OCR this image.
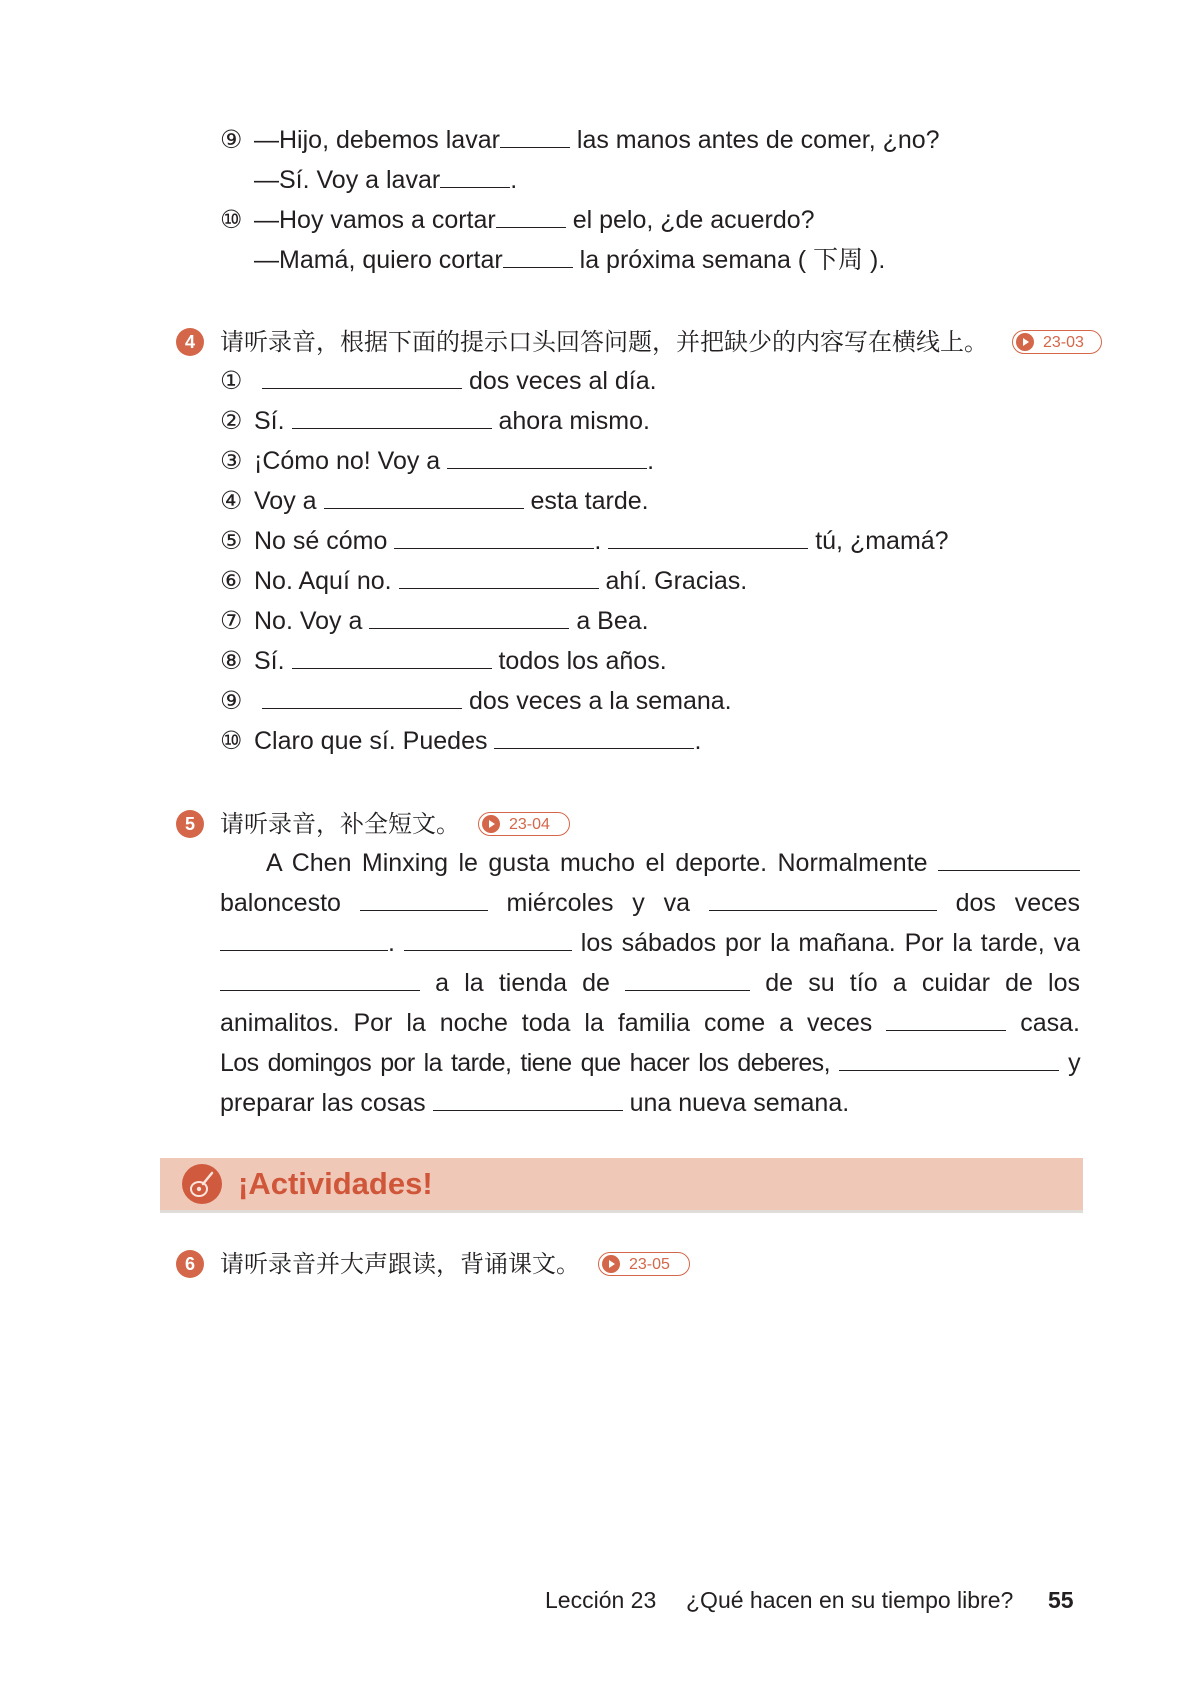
⑨ —Hijo, debemos lavar	las manos antes de comer, ¿no?
—Sí. Voy a lavar	.
⑩ —Hoy vamos a cortar	el pelo, ¿de acuerdo?
—Mamá, quiero cortar	la próxima semana ( 下周 ).
4	请听录音，根据下面的提示口头回答问题，并把缺少的内容写在横线上。	23-03
①	dos veces al día.
② Sí.	ahora mismo.
③ ¡Cómo no! Voy a	.
④ Voy a	esta tarde.
⑤ No sé cómo	.	tú, ¿mamá?
⑥ No. Aquí no.	ahí. Gracias.
⑦ No. Voy a	a Bea.
⑧ Sí.	todos los años.
⑨	dos veces a la semana.
⑩ Claro que sí. Puedes	.
5	请听录音，补全短文。	23-04
A Chen Minxing le gusta mucho el deporte. Normalmente
baloncesto	miércoles y va	dos veces
.	los sábados por la mañana. Por la tarde, va
a la tienda de	de su tío a cuidar de los
animalitos. Por la noche toda la familia come a veces	casa.
Los domingos por la tarde, tiene que hacer los deberes,	y
preparar las cosas	una nueva semana.
¡Actividades!
6	请听录音并大声跟读，背诵课文。	23-05
Lección 23 ¿Qué hacen en su tiempo libre? 55
